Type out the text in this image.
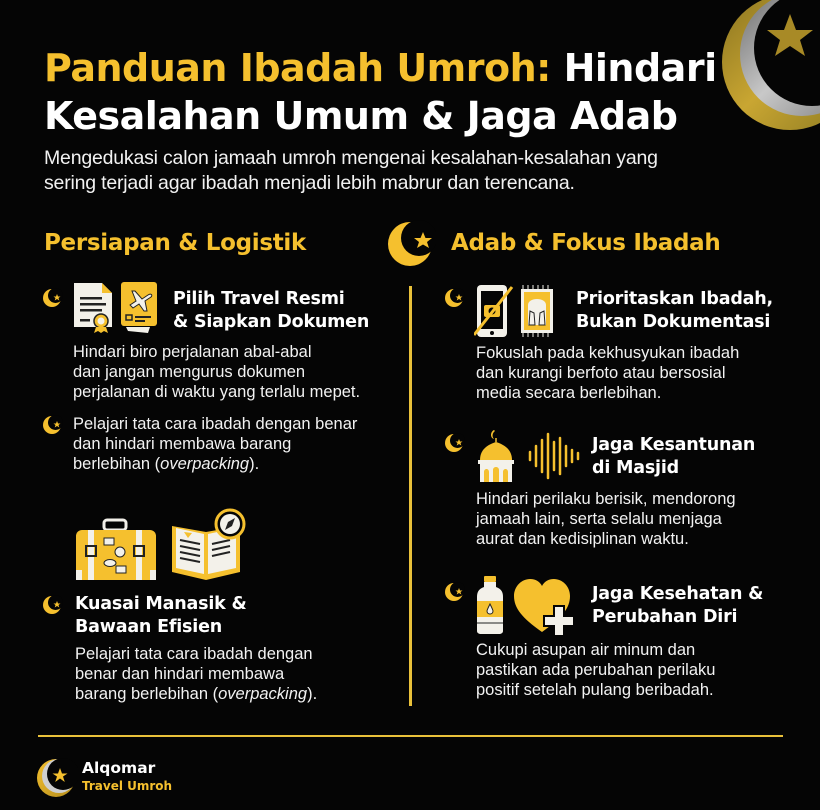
Panduan Ibadah Umroh: Hindari
Kesalahan Umum & Jaga Adab
Mengedukasi calon jamaah umroh mengenai kesalahan-kesalahan yang
sering terjadi agar ibadah menjadi lebih mabrur dan terencana.
Persiapan & Logistik
Pilih Travel Resmi
& Siapkan Dokumen
Hindari biro perjalanan abal-abal
dan jangan mengurus dokumen
perjalanan di waktu yang terlalu mepet.
Pelajari tata cara ibadah dengan benar
dan hindari membawa barang
berlebihan (overpacking).
Kuasai Manasik &
Bawaan Efisien
Pelajari tata cara ibadah dengan
benar dan hindari membawa
barang berlebihan (overpacking).
Adab & Fokus Ibadah
Prioritaskan Ibadah,
Bukan Dokumentasi
Fokuslah pada kekhusyukan ibadah
dan kurangi berfoto atau bersosial
media secara berlebihan.
Jaga Kesantunan
di Masjid
Hindari perilaku berisik, mendorong
jamaah lain, serta selalu menjaga
aurat dan kedisiplinan waktu.
Jaga Kesehatan &
Perubahan Diri
Cukupi asupan air minum dan
pastikan ada perubahan perilaku
positif setelah pulang beribadah.
Alqomar
Travel Umroh
